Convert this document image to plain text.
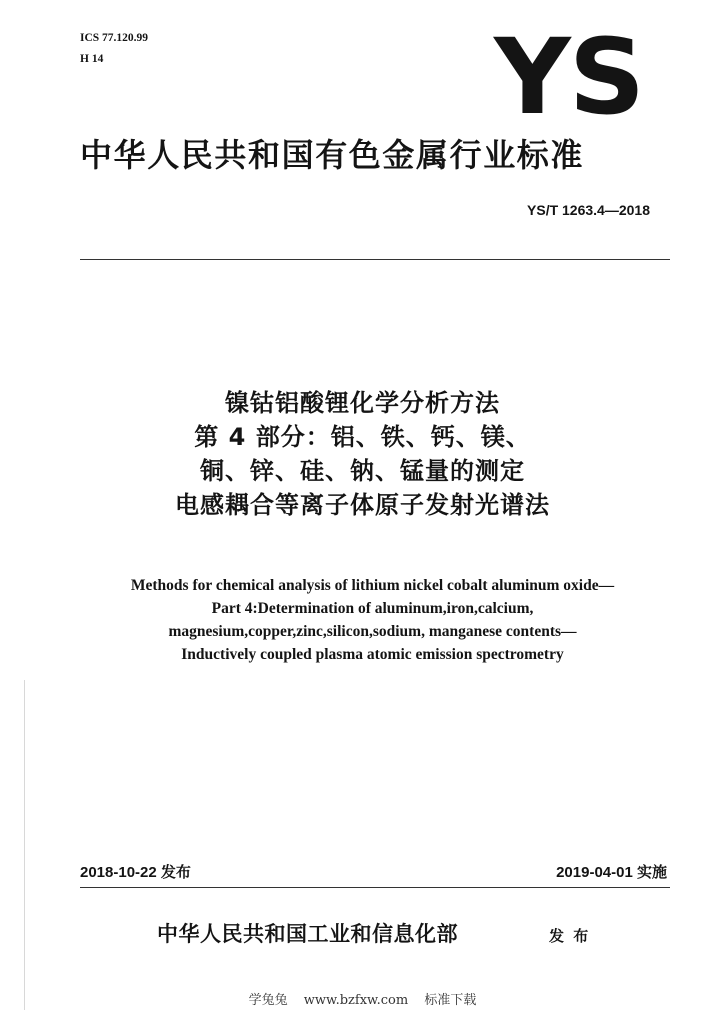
ICS 77.120.99
H 14	YS
中华人民共和国有色金属行业标准
YS/T 1263.4—2018
镍钴铝酸锂化学分析方法
第 4 部分：铝、铁、钙、镁、
铜、锌、硅、钠、锰量的测定
电感耦合等离子体原子发射光谱法
Methods for chemical analysis of lithium nickel cobalt aluminum oxide—
Part 4:Determination of aluminum,iron,calcium,
magnesium,copper,zinc,silicon,sodium, manganese contents—
Inductively coupled plasma atomic emission spectrometry
2018-10-22 发布	2019-04-01 实施
中华人民共和国工业和信息化部	发 布
学兔兔 www.bzfxw.com 标准下载
